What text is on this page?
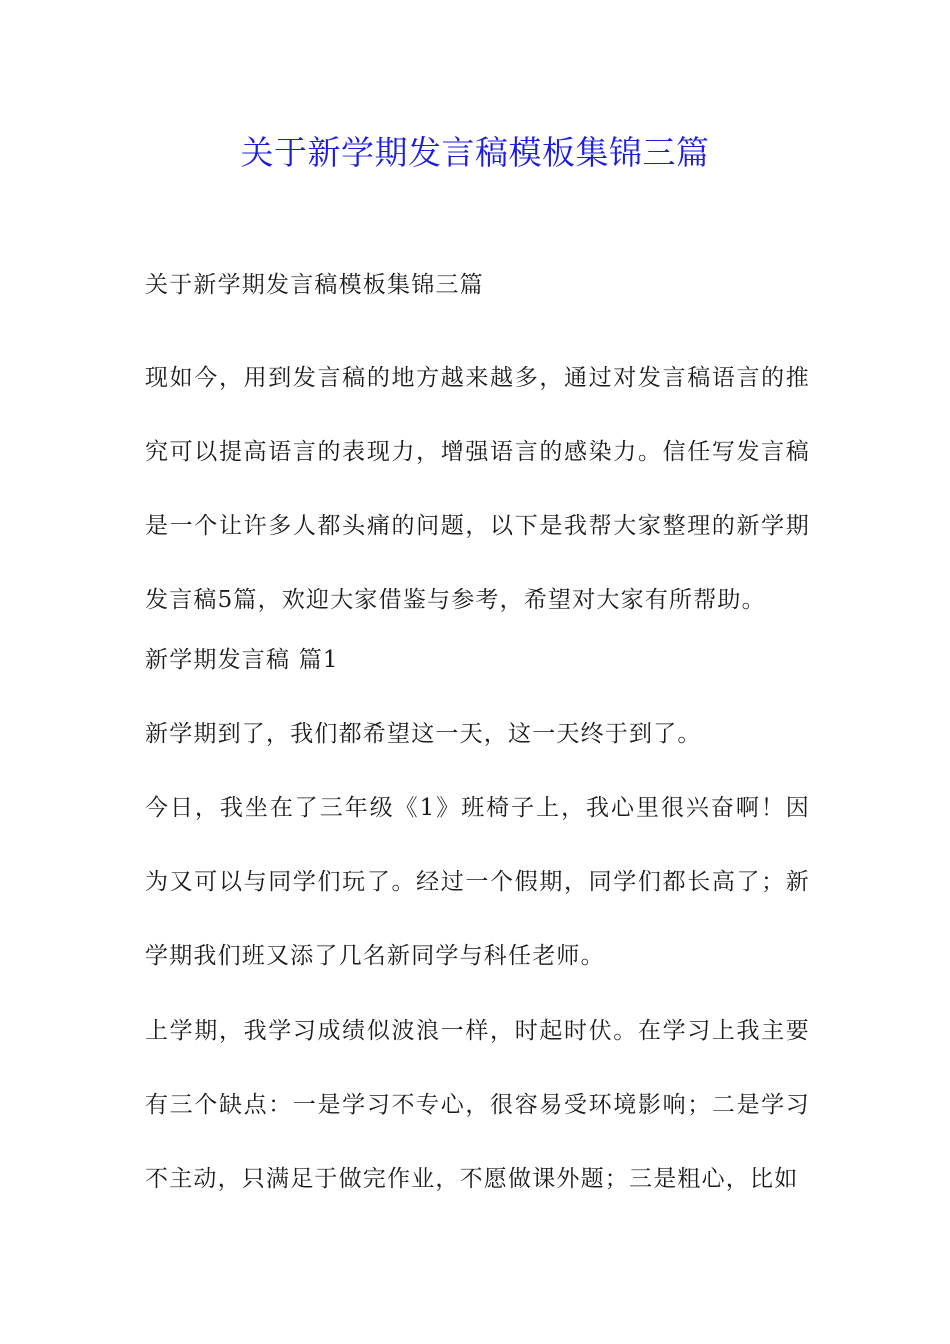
关于新学期发言稿模板集锦三篇

关于新学期发言稿模板集锦三篇

现如今，用到发言稿的地方越来越多，通过对发言稿语言的推究可以提高语言的表现力，增强语言的感染力。信任写发言稿是一个让许多人都头痛的问题，以下是我帮大家整理的新学期发言稿5篇，欢迎大家借鉴与参考，希望对大家有所帮助。

新学期发言稿 篇1

新学期到了，我们都希望这一天，这一天终于到了。

今日，我坐在了三年级《1》班椅子上，我心里很兴奋啊！因为又可以与同学们玩了。经过一个假期，同学们都长高了；新学期我们班又添了几名新同学与科任老师。

上学期，我学习成绩似波浪一样，时起时伏。在学习上我主要有三个缺点：一是学习不专心，很容易受环境影响；二是学习不主动，只满足于做完作业，不愿做课外题；三是粗心，比如
